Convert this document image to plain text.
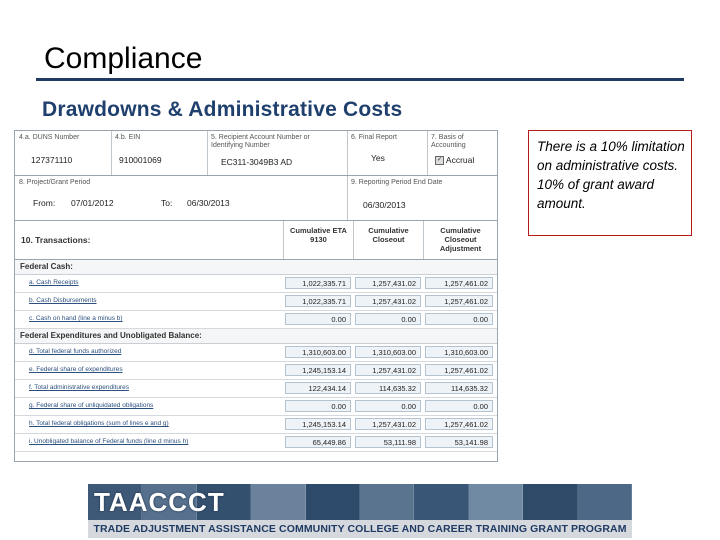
Compliance
Drawdowns & Administrative Costs
4.a. DUNS Number
127371110
4.b. EIN
910001069
5. Recipient Account Number or Identifying Number
EC311-3049B3 AD
6. Final Report
Yes
7. Basis of Accounting
✓ Accrual
8. Project/Grant Period
From: 07/01/2012	To: 06/30/2013
9. Reporting Period End Date
06/30/2013
10. Transactions:
Cumulative ETA 9130
Cumulative Closeout
Cumulative Closeout Adjustment
Federal Cash:
a. Cash Receipts	1,022,335.71	1,257,431.02	1,257,461.02
b. Cash Disbursements	1,022,335.71	1,257,431.02	1,257,461.02
c. Cash on hand (line a minus b)	0.00	0.00	0.00
Federal Expenditures and Unobligated Balance:
d. Total federal funds authorized	1,310,603.00	1,310,603.00	1,310,603.00
e. Federal share of expenditures	1,245,153.14	1,257,431.02	1,257,461.02
f. Total administrative expenditures	122,434.14	114,635.32	114,635.32
g. Federal share of unliquidated obligations	0.00	0.00	0.00
h. Total federal obligations (sum of lines e and g)	1,245,153.14	1,257,431.02	1,257,461.02
i. Unobligated balance of Federal funds (line d minus h)	65,449.86	53,111.98	53,141.98
There is a 10% limitation on administrative costs. 10% of grant award amount.
TAACCCT
TRADE ADJUSTMENT ASSISTANCE COMMUNITY COLLEGE AND CAREER TRAINING GRANT PROGRAM
